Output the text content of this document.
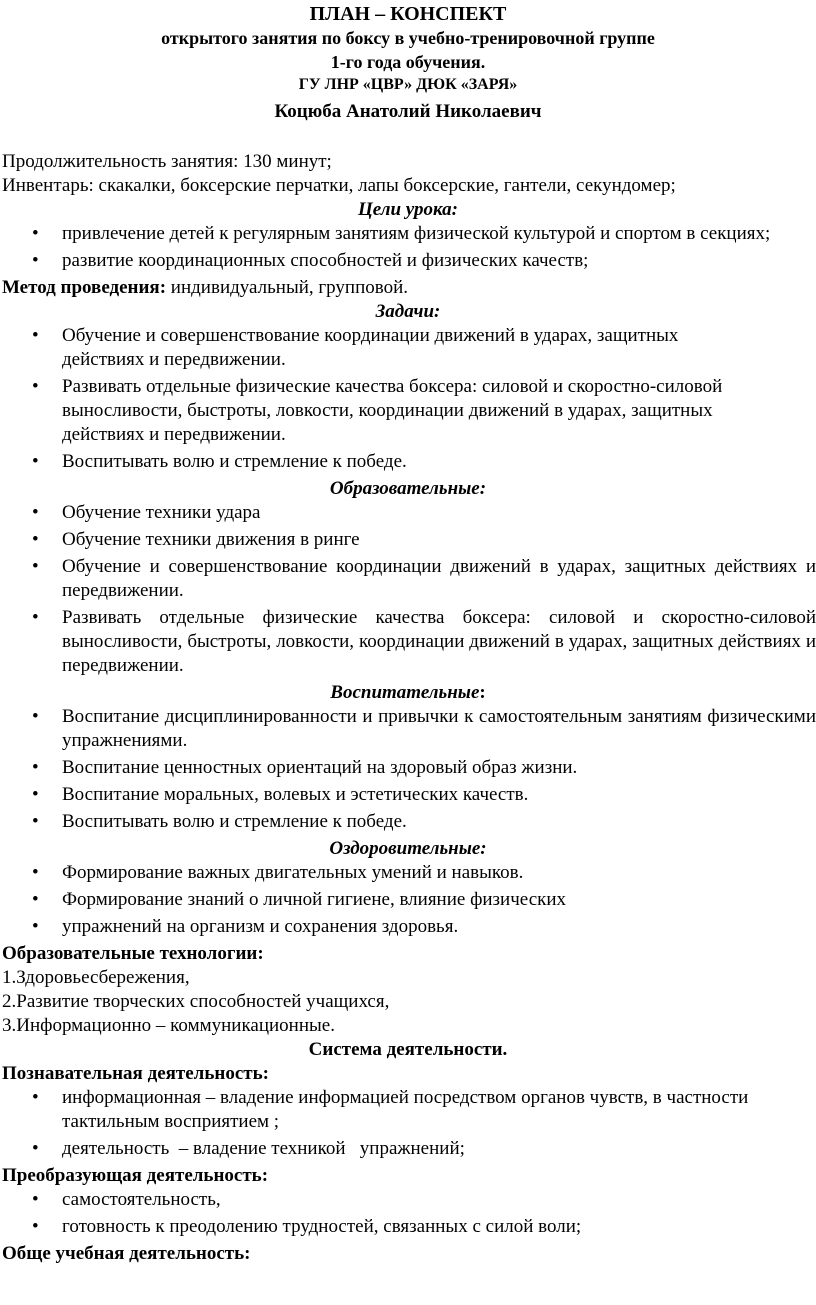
ПЛАН – КОНСПЕКТ
открытого занятия по боксу в учебно-тренировочной группе
1-го года обучения.
ГУ ЛНР «ЦВР» ДЮК «ЗАРЯ»
Коцюба Анатолий Николаевич
Продолжительность занятия: 130 минут;
Инвентарь: скакалки, боксерские перчатки, лапы боксерские, гантели, секундомер;
Цели урока:
• привлечение детей к регулярным занятиям физической культурой и спортом в секциях;
• развитие координационных способностей и физических качеств;
Метод проведения: индивидуальный, групповой.
Задачи:
• Обучение и совершенствование координации движений в ударах, защитных действиях и передвижении.
• Развивать отдельные физические качества боксера: силовой и скоростно-силовой выносливости, быстроты, ловкости, координации движений в ударах, защитных действиях и передвижении.
• Воспитывать волю и стремление к победе.
Образовательные:
• Обучение техники удара
• Обучение техники движения в ринге
• Обучение и совершенствование координации движений в ударах, защитных действиях и передвижении.
• Развивать отдельные физические качества боксера: силовой и скоростно-силовой выносливости, быстроты, ловкости, координации движений в ударах, защитных действиях и передвижении.
Воспитательные:
• Воспитание дисциплинированности и привычки к самостоятельным занятиям физическими упражнениями.
• Воспитание ценностных ориентаций на здоровый образ жизни.
• Воспитание моральных, волевых и эстетических качеств.
• Воспитывать волю и стремление к победе.
Оздоровительные:
• Формирование важных двигательных умений и навыков.
• Формирование знаний о личной гигиене, влияние физических
• упражнений на организм и сохранения здоровья.
Образовательные технологии:
1.Здоровьесбережения,
2.Развитие творческих способностей учащихся,
3.Информационно – коммуникационные.
Система деятельности.
Познавательная деятельность:
• информационная – владение информацией посредством органов чувств, в частности тактильным восприятием ;
• деятельность  – владение техникой   упражнений;
Преобразующая деятельность:
• самостоятельность,
• готовность к преодолению трудностей, связанных с силой воли;
Обще учебная деятельность:
